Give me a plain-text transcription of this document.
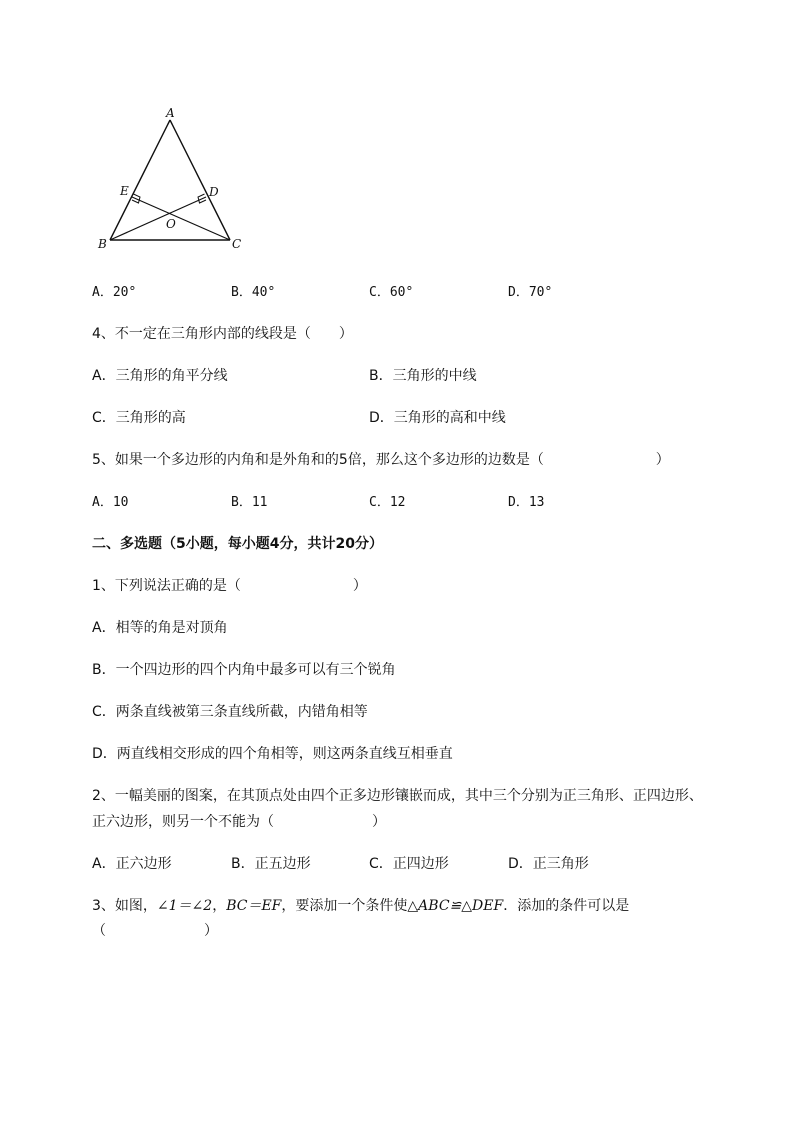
A
B	C
D
E
O
A．20°	B．40°	C．60°	D．70°
4、不一定在三角形内部的线段是（　　）
A．三角形的角平分线	B．三角形的中线
C．三角形的高	D．三角形的高和中线
5、如果一个多边形的内角和是外角和的5倍，那么这个多边形的边数是（　　　　　　　　）
A．10	B．11	C．12	D．13
二、多选题（5小题，每小题4分，共计20分）
1、下列说法正确的是（　　　　　　　　）
A．相等的角是对顶角
B．一个四边形的四个内角中最多可以有三个锐角
C．两条直线被第三条直线所截，内错角相等
D．两直线相交形成的四个角相等，则这两条直线互相垂直
2、一幅美丽的图案，在其顶点处由四个正多边形镶嵌而成，其中三个分别为正三角形、正四边形、
正六边形，则另一个不能为（　　　　　　　）
A．正六边形	B．正五边形	C．正四边形	D．正三角形
3、如图，∠1＝∠2，BC＝EF，要添加一个条件使△ABC≌△DEF．添加的条件可以是
（　　　　　　　）
